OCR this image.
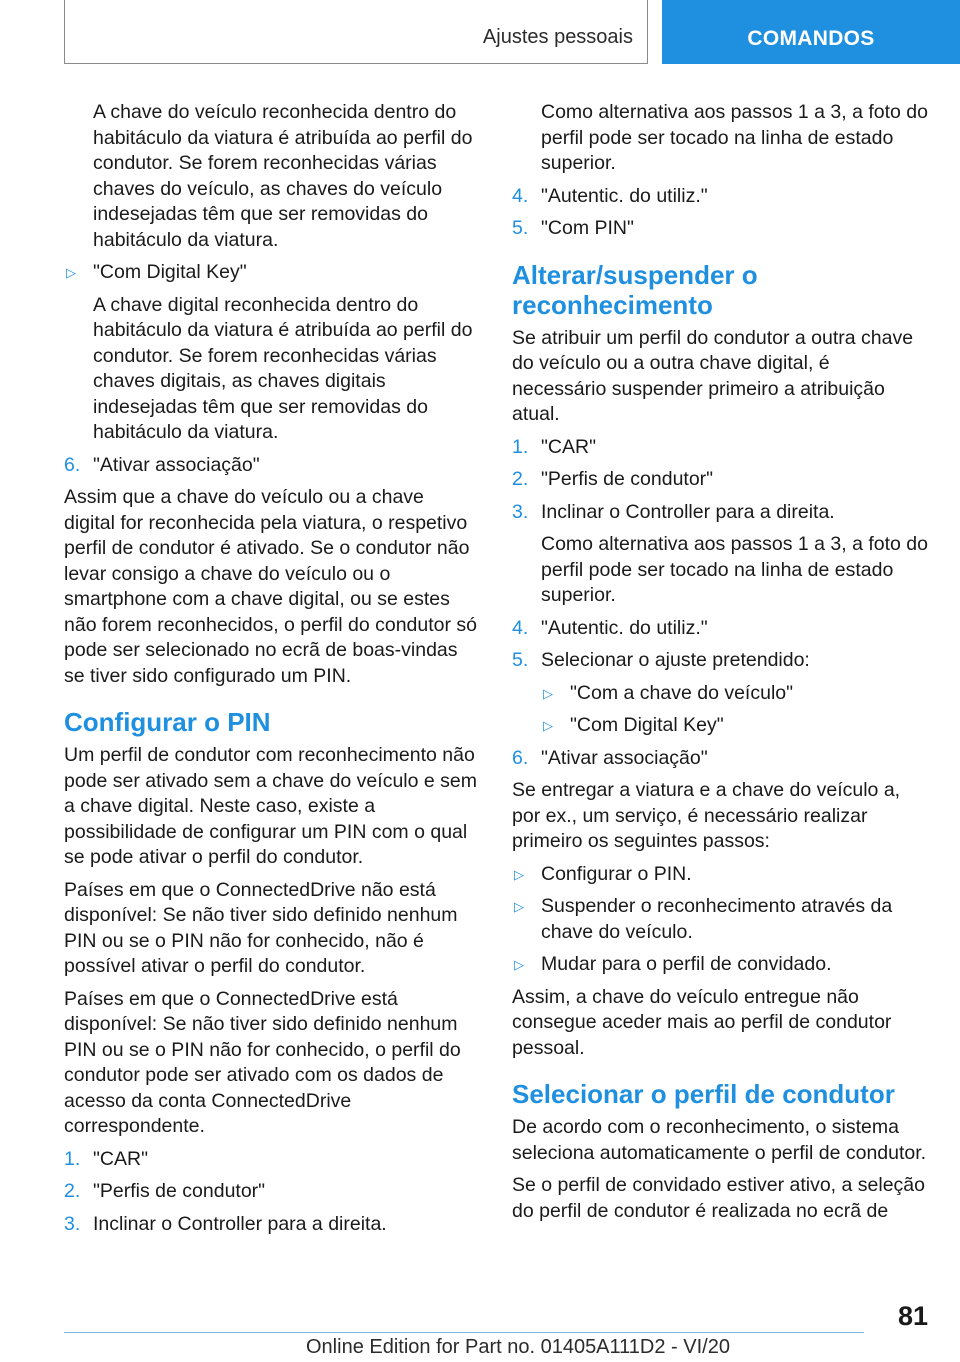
Ajustes pessoais	COMANDOS

A chave do veículo reconhecida dentro do habitáculo da viatura é atribuída ao perfil do condutor. Se forem reconhecidas várias chaves do veículo, as chaves do veículo indesejadas têm que ser removidas do habitáculo da viatura.

▷ "Com Digital Key"

A chave digital reconhecida dentro do habitáculo da viatura é atribuída ao perfil do condutor. Se forem reconhecidas várias chaves digitais, as chaves digitais indesejadas têm que ser removidas do habitáculo da viatura.

6. "Ativar associação"

Assim que a chave do veículo ou a chave digital for reconhecida pela viatura, o respetivo perfil de condutor é ativado. Se o condutor não levar consigo a chave do veículo ou o smartphone com a chave digital, ou se estes não forem reconhecidos, o perfil do condutor só pode ser selecionado no ecrã de boas-vindas se tiver sido configurado um PIN.

Configurar o PIN

Um perfil de condutor com reconhecimento não pode ser ativado sem a chave do veículo e sem a chave digital. Neste caso, existe a possibilidade de configurar um PIN com o qual se pode ativar o perfil do condutor.

Países em que o ConnectedDrive não está disponível: Se não tiver sido definido nenhum PIN ou se o PIN não for conhecido, não é possível ativar o perfil do condutor.

Países em que o ConnectedDrive está disponível: Se não tiver sido definido nenhum PIN ou se o PIN não for conhecido, o perfil do condutor pode ser ativado com os dados de acesso da conta ConnectedDrive correspondente.

1. "CAR"
2. "Perfis de condutor"
3. Inclinar o Controller para a direita.

Como alternativa aos passos 1 a 3, a foto do perfil pode ser tocado na linha de estado superior.

4. "Autentic. do utiliz."
5. "Com PIN"
Alterar/suspender o reconhecimento

Se atribuir um perfil do condutor a outra chave do veículo ou a outra chave digital, é necessário suspender primeiro a atribuição atual.

1. "CAR"
2. "Perfis de condutor"
3. Inclinar o Controller para a direita.

Como alternativa aos passos 1 a 3, a foto do perfil pode ser tocado na linha de estado superior.

4. "Autentic. do utiliz."
5. Selecionar o ajuste pretendido:
▷ "Com a chave do veículo"
▷ "Com Digital Key"
6. "Ativar associação"

Se entregar a viatura e a chave do veículo a, por ex., um serviço, é necessário realizar primeiro os seguintes passos:

▷ Configurar o PIN.
▷ Suspender o reconhecimento através da chave do veículo.
▷ Mudar para o perfil de convidado.

Assim, a chave do veículo entregue não consegue aceder mais ao perfil de condutor pessoal.

Selecionar o perfil de condutor

De acordo com o reconhecimento, o sistema seleciona automaticamente o perfil de condutor.

Se o perfil de convidado estiver ativo, a seleção do perfil de condutor é realizada no ecrã de

81
Online Edition for Part no. 01405A111D2 - VI/20
